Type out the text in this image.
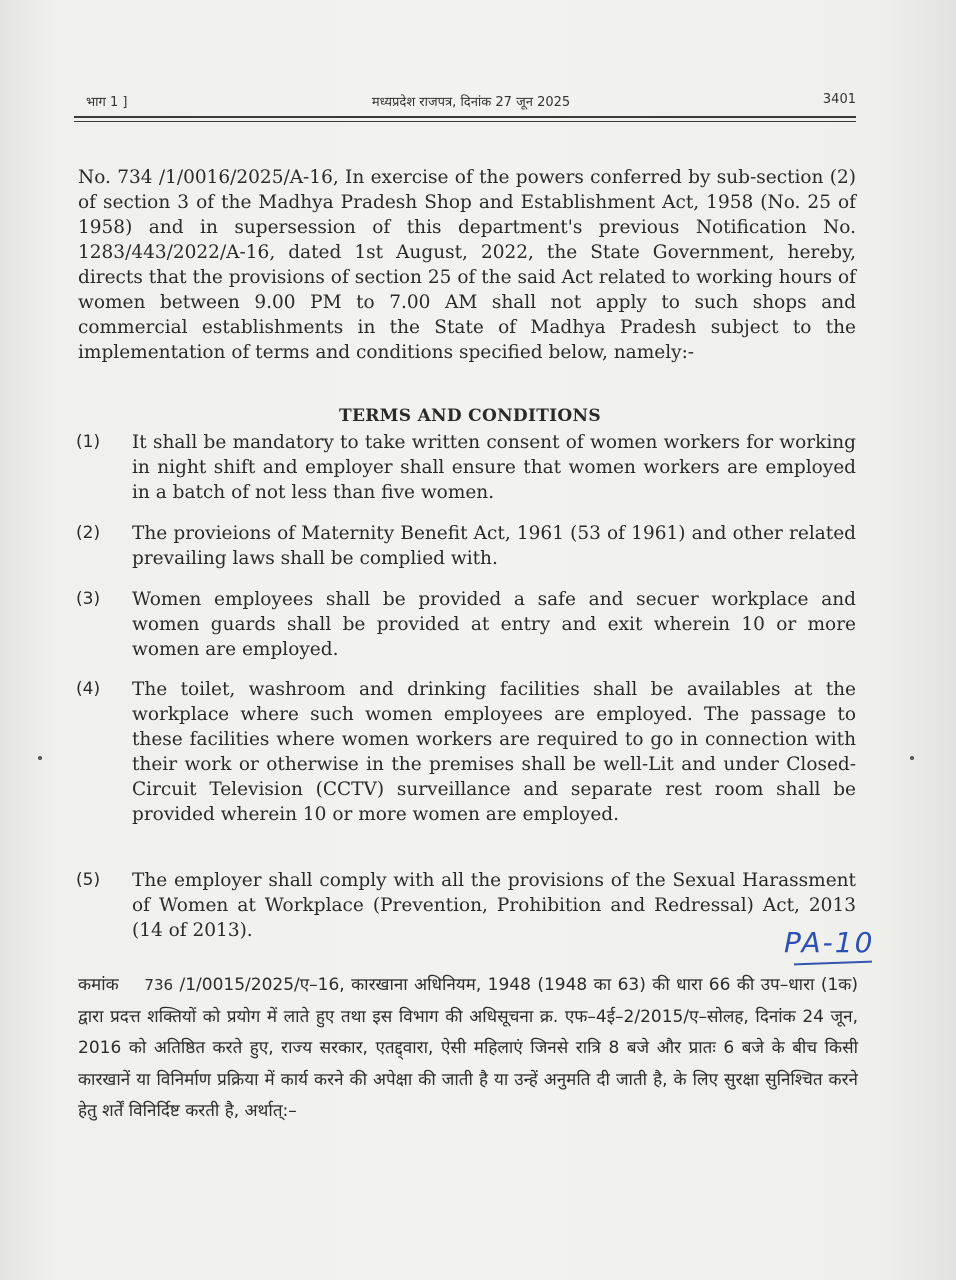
भाग 1 ]	मध्यप्रदेश राजपत्र, दिनांक 27 जून 2025	3401

No. 734 /1/0016/2025/A-16, In exercise of the powers conferred by sub-section (2) of section 3 of the Madhya Pradesh Shop and Establishment Act, 1958 (No. 25 of 1958) and in supersession of this department's previous Notification No. 1283/443/2022/A-16, dated 1st August, 2022, the State Government, hereby, directs that the provisions of section 25 of the said Act related to working hours of women between 9.00 PM to 7.00 AM shall not apply to such shops and commercial establishments in the State of Madhya Pradesh subject to the implementation of terms and conditions specified below, namely:-

TERMS AND CONDITIONS
(1) It shall be mandatory to take written consent of women workers for working in night shift and employer shall ensure that women workers are employed in a batch of not less than five women.

(2) The provieions of Maternity Benefit Act, 1961 (53 of 1961) and other related prevailing laws shall be complied with.

(3) Women employees shall be provided a safe and secuer workplace and women guards shall be provided at entry and exit wherein 10 or more women are employed.

(4) The toilet, washroom and drinking facilities shall be availables at the workplace where such women employees are employed. The passage to these facilities where women workers are required to go in connection with their work or otherwise in the premises shall be well-Lit and under Closed-Circuit Television (CCTV) surveillance and separate rest room shall be provided wherein 10 or more women are employed.

(5) The employer shall comply with all the provisions of the Sexual Harassment of Women at Workplace (Prevention, Prohibition and Redressal) Act, 2013 (14 of 2013).	PA-10

कमांक 736 /1/0015/2025/ए–16, कारखाना अधिनियम, 1948 (1948 का 63) की धारा 66 की उप–धारा (1क) द्वारा प्रदत्त शक्तियों को प्रयोग में लाते हुए तथा इस विभाग की अधिसूचना क्र. एफ–4ई–2/2015/ए–सोलह, दिनांक 24 जून, 2016 को अतिष्ठित करते हुए, राज्य सरकार, एतद्द्वारा, ऐसी महिलाएं जिनसे रात्रि 8 बजे और प्रातः 6 बजे के बीच किसी कारखानें या विनिर्माण प्रक्रिया में कार्य करने की अपेक्षा की जाती है या उन्हें अनुमति दी जाती है, के लिए सुरक्षा सुनिश्चित करने हेतु शर्तें विनिर्दिष्ट करती है, अर्थात्:–
